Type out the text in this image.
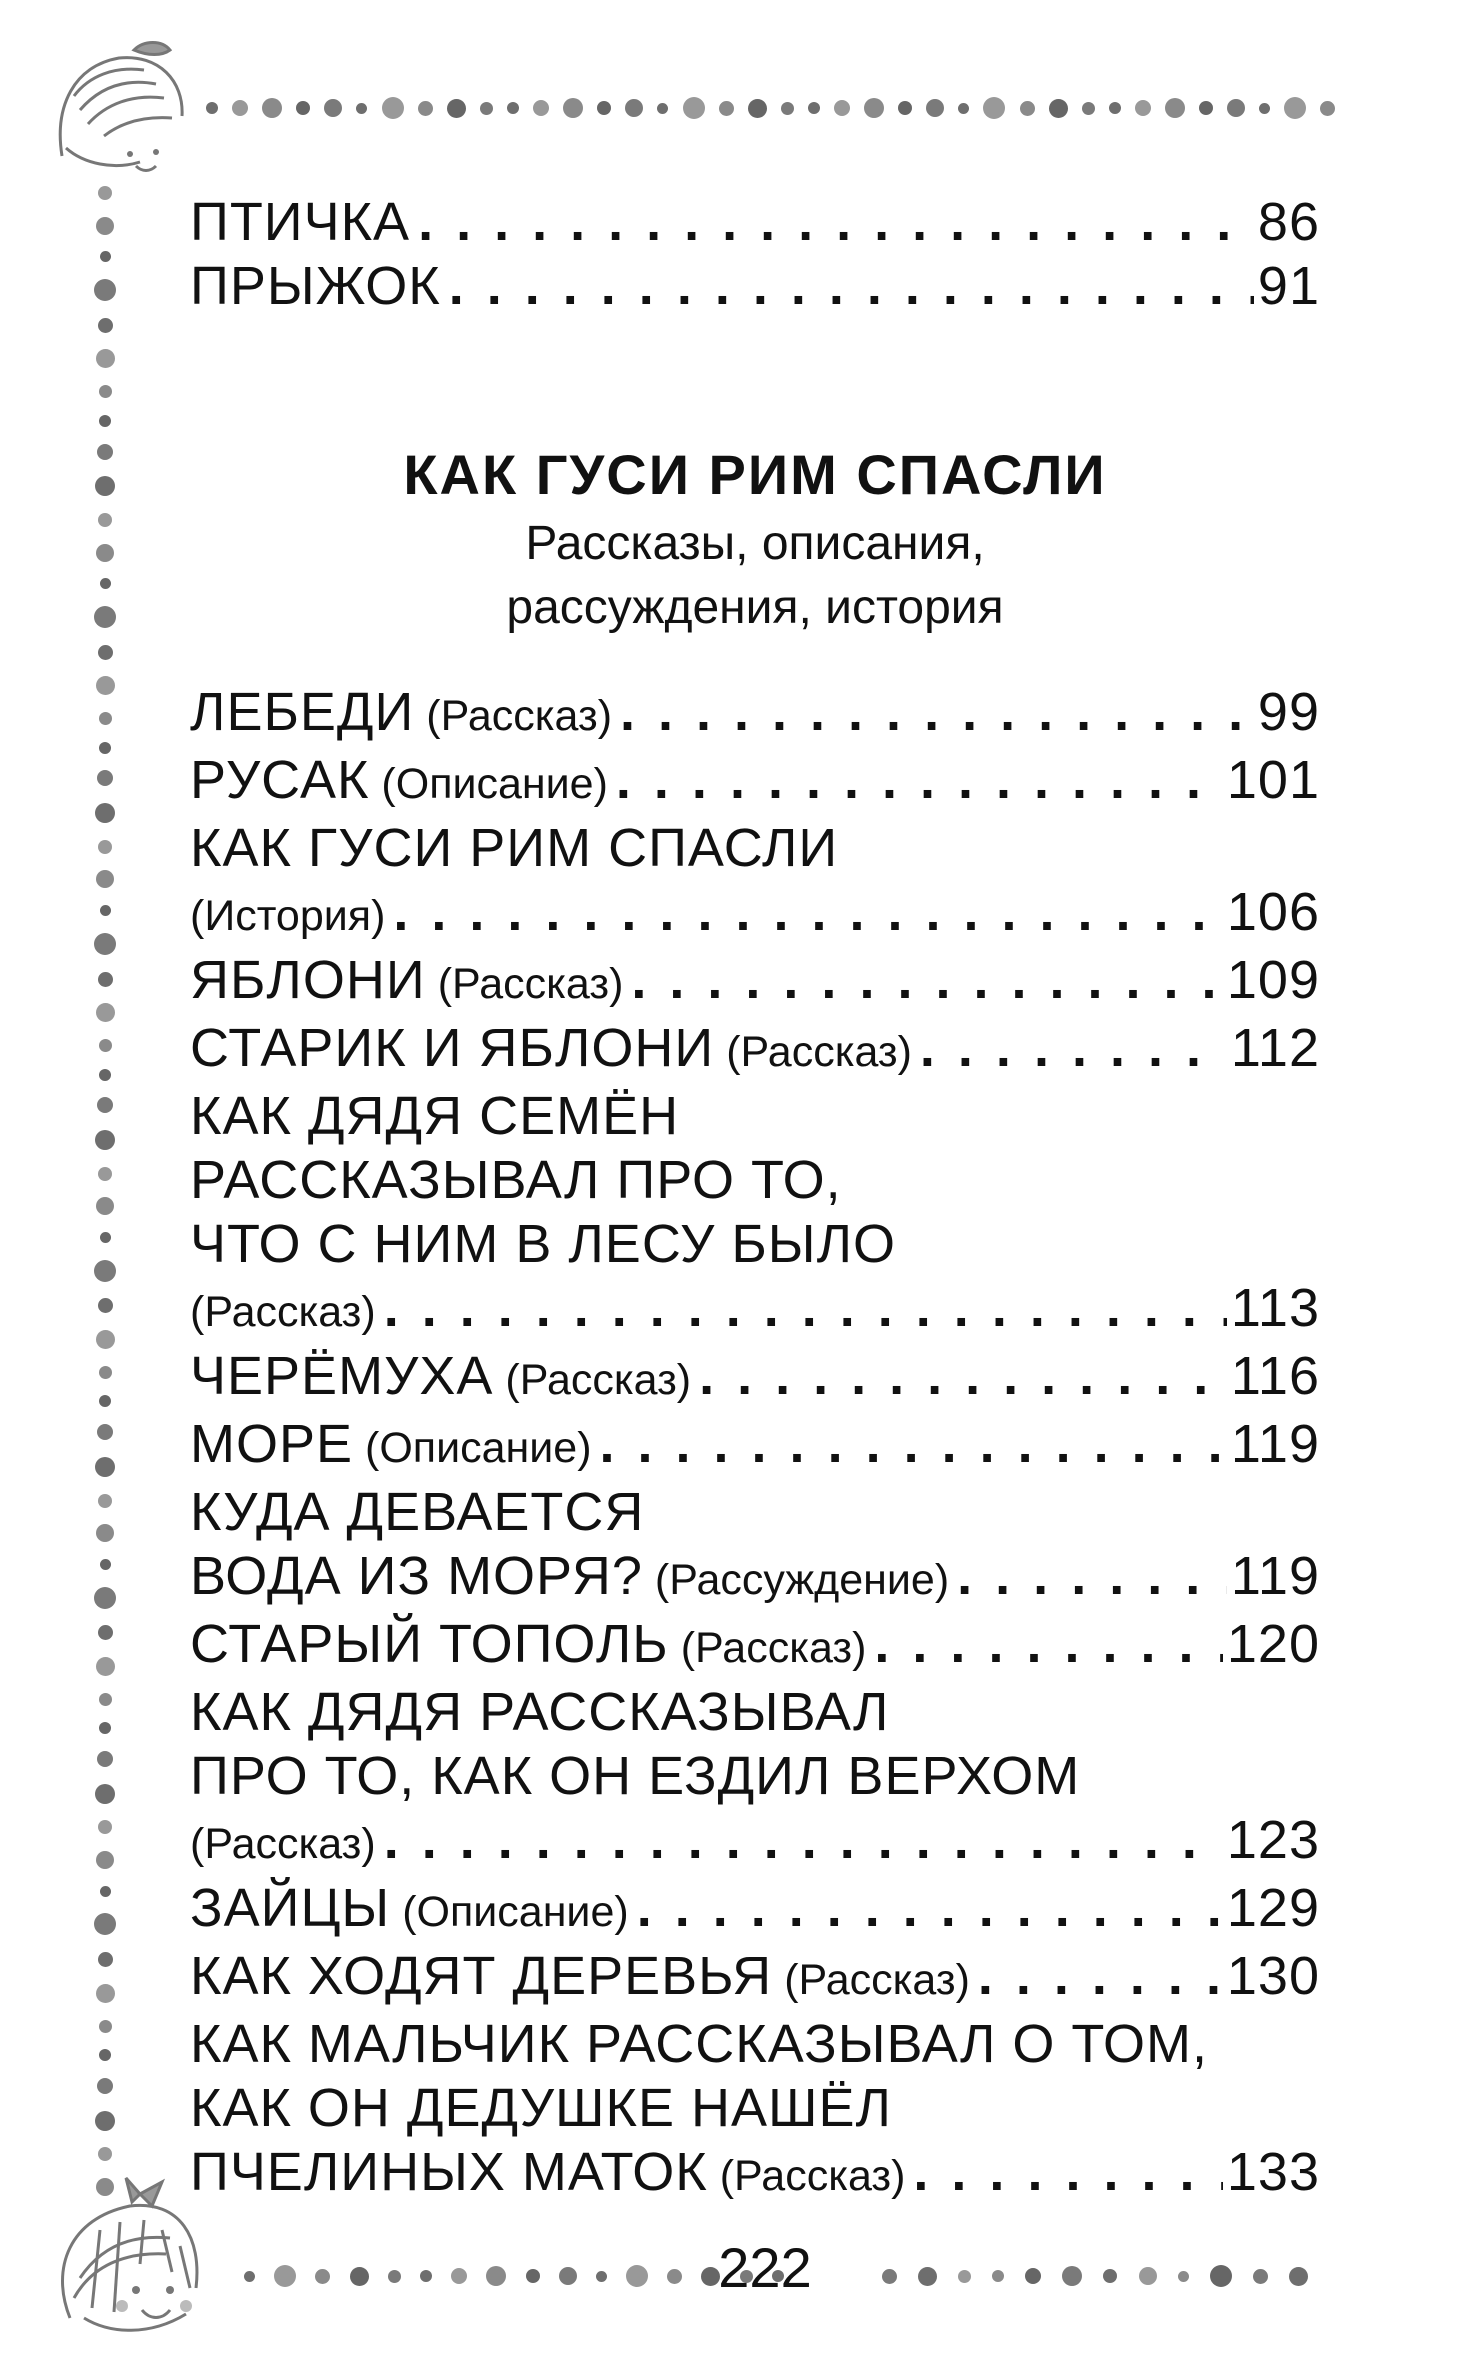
ПТИЧКА . . .	86
ПРЫЖОК . . .	91
КАК ГУСИ РИМ СПАСЛИ
Рассказы, описания,
рассуждения, история
ЛЕБЕДИ (Рассказ) . . .	99
РУСАК (Описание) . . .	101
КАК ГУСИ РИМ СПАСЛИ
(История) . . .	106
ЯБЛОНИ (Рассказ) . . .	109
СТАРИК И ЯБЛОНИ (Рассказ) . . .	112
КАК ДЯДЯ СЕМЁН
РАССКАЗЫВАЛ ПРО ТО,
ЧТО С НИМ В ЛЕСУ БЫЛО
(Рассказ) . . .	113
ЧЕРЁМУХА (Рассказ) . . .	116
МОРЕ (Описание) . . .	119
КУДА ДЕВАЕТСЯ
ВОДА ИЗ МОРЯ? (Рассуждение) . . .	119
СТАРЫЙ ТОПОЛЬ (Рассказ) . . .	120
КАК ДЯДЯ РАССКАЗЫВАЛ
ПРО ТО, КАК ОН ЕЗДИЛ ВЕРХОМ
(Рассказ) . . .	123
ЗАЙЦЫ (Описание) . . .	129
КАК ХОДЯТ ДЕРЕВЬЯ (Рассказ) . . .	130
КАК МАЛЬЧИК РАССКАЗЫВАЛ О ТОМ,
КАК ОН ДЕДУШКЕ НАШЁЛ
ПЧЕЛИНЫХ МАТОК (Рассказ) . . .	133
222
